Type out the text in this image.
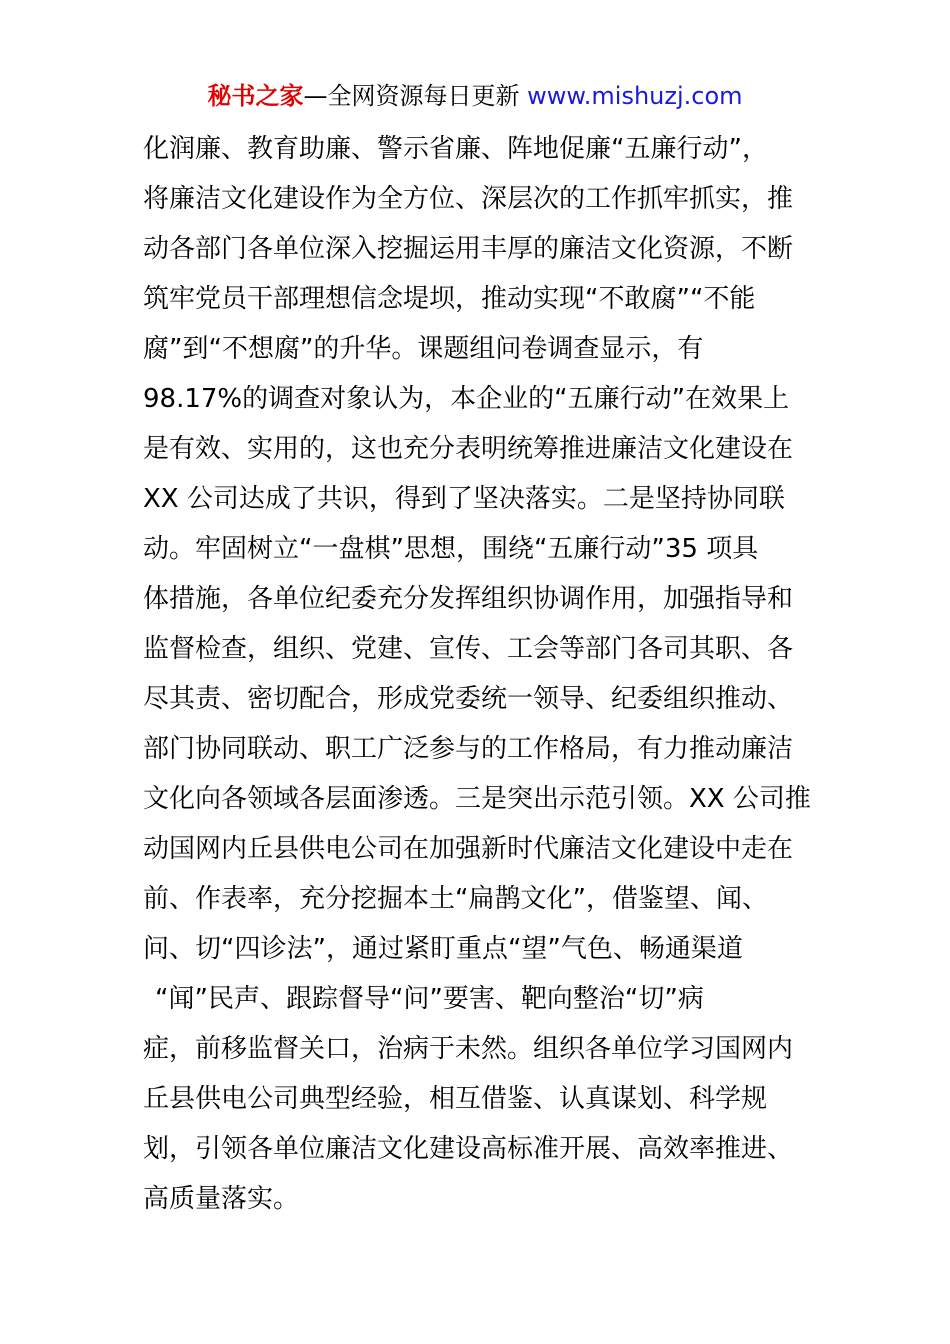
秘书之家—全网资源每日更新 www.mishuzj.com
化润廉、教育助廉、警示省廉、阵地促廉“五廉行动”，
将廉洁文化建设作为全方位、深层次的工作抓牢抓实，推
动各部门各单位深入挖掘运用丰厚的廉洁文化资源，不断
筑牢党员干部理想信念堤坝，推动实现“不敢腐”“不能
腐”到“不想腐”的升华。课题组问卷调查显示，有
98.17%的调查对象认为，本企业的“五廉行动”在效果上
是有效、实用的，这也充分表明统筹推进廉洁文化建设在
XX 公司达成了共识，得到了坚决落实。二是坚持协同联
动。牢固树立“一盘棋”思想，围绕“五廉行动”35 项具
体措施，各单位纪委充分发挥组织协调作用，加强指导和
监督检查，组织、党建、宣传、工会等部门各司其职、各
尽其责、密切配合，形成党委统一领导、纪委组织推动、
部门协同联动、职工广泛参与的工作格局，有力推动廉洁
文化向各领域各层面渗透。三是突出示范引领。XX 公司推
动国网内丘县供电公司在加强新时代廉洁文化建设中走在
前、作表率，充分挖掘本土“扁鹊文化”，借鉴望、闻、
问、切“四诊法”，通过紧盯重点“望”气色、畅通渠道
“闻”民声、跟踪督导“问”要害、靶向整治“切”病
症，前移监督关口，治病于未然。组织各单位学习国网内
丘县供电公司典型经验，相互借鉴、认真谋划、科学规
划，引领各单位廉洁文化建设高标准开展、高效率推进、
高质量落实。
